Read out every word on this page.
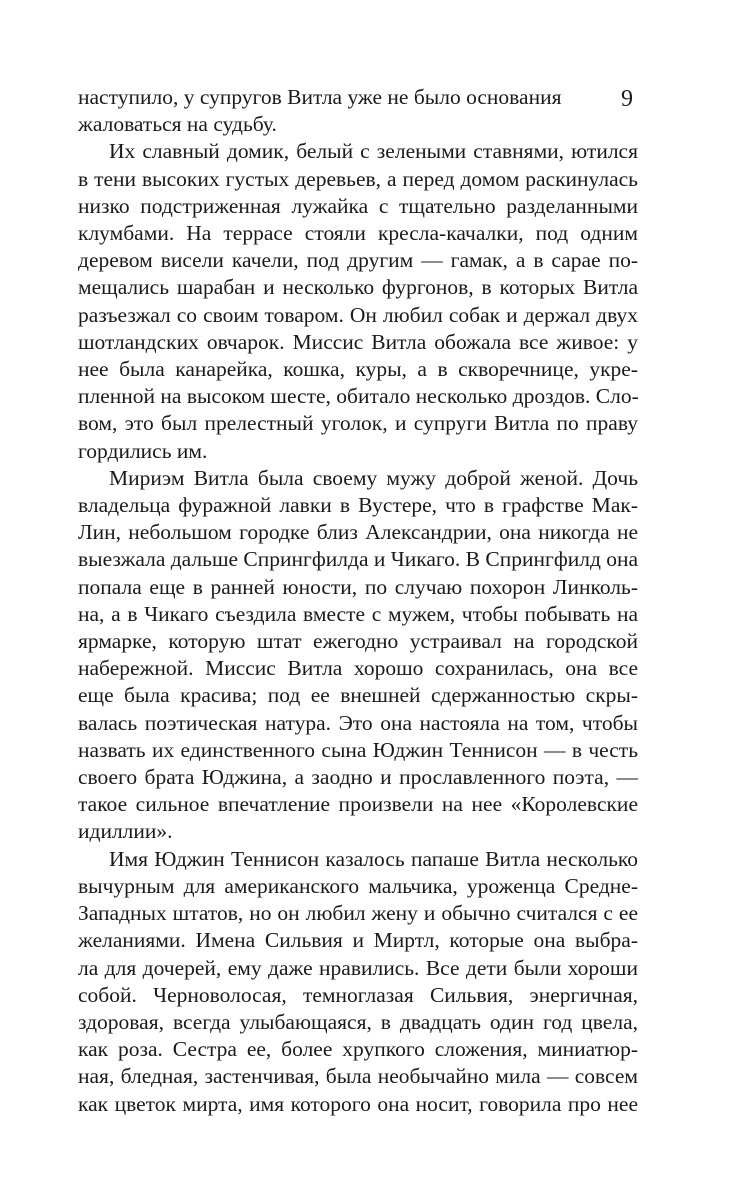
9
наступило, у супругов Витла уже не было основания
жаловаться на судьбу.
Их славный домик, белый с зелеными ставнями, ютился
в тени высоких густых деревьев, а перед домом раскинулась
низко подстриженная лужайка с тщательно разделанными
клумбами. На террасе стояли кресла-качалки, под одним
деревом висели качели, под другим — гамак, а в сарае по-
мещались шарабан и несколько фургонов, в которых Витла
разъезжал со своим товаром. Он любил собак и держал двух
шотландских овчарок. Миссис Витла обожала все живое: у
нее была канарейка, кошка, куры, а в скворечнице, укре-
пленной на высоком шесте, обитало несколько дроздов. Сло-
вом, это был прелестный уголок, и супруги Витла по праву
гордились им.
Мириэм Витла была своему мужу доброй женой. Дочь
владельца фуражной лавки в Вустере, что в графстве Мак-
Лин, небольшом городке близ Александрии, она никогда не
выезжала дальше Спрингфилда и Чикаго. В Спрингфилд она
попала еще в ранней юности, по случаю похорон Линколь-
на, а в Чикаго съездила вместе с мужем, чтобы побывать на
ярмарке, которую штат ежегодно устраивал на городской
набережной. Миссис Витла хорошо сохранилась, она все
еще была красива; под ее внешней сдержанностью скры-
валась поэтическая натура. Это она настояла на том, чтобы
назвать их единственного сына Юджин Теннисон — в честь
своего брата Юджина, а заодно и прославленного поэта, —
такое сильное впечатление произвели на нее «Королевские
идиллии».
Имя Юджин Теннисон казалось папаше Витла несколько
вычурным для американского мальчика, уроженца Средне-
Западных штатов, но он любил жену и обычно считался с ее
желаниями. Имена Сильвия и Миртл, которые она выбра-
ла для дочерей, ему даже нравились. Все дети были хороши
собой. Черноволосая, темноглазая Сильвия, энергичная,
здоровая, всегда улыбающаяся, в двадцать один год цвела,
как роза. Сестра ее, более хрупкого сложения, миниатюр-
ная, бледная, застенчивая, была необычайно мила — совсем
как цветок мирта, имя которого она носит, говорила про нее
